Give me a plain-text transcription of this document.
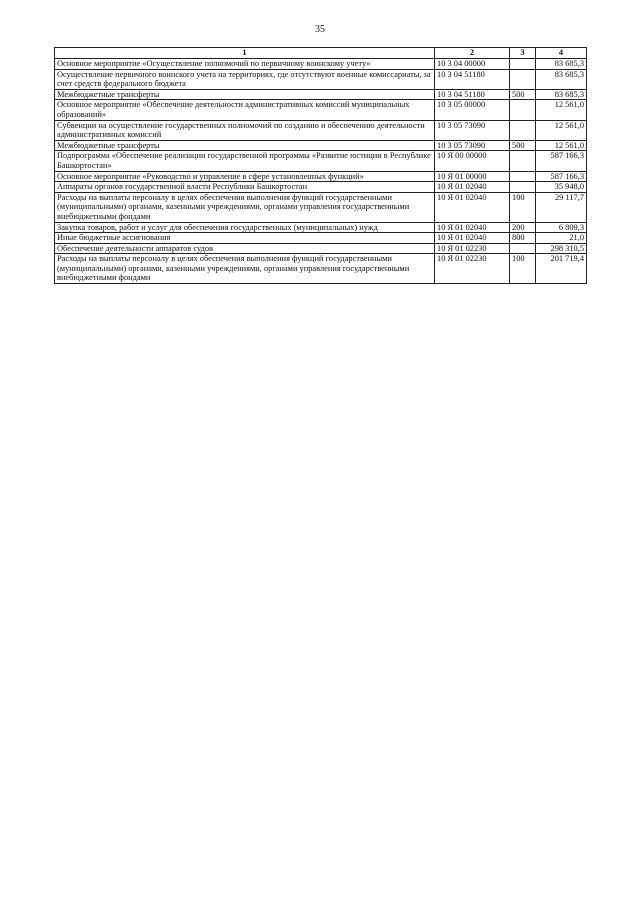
35
1	2	3	4
Основное мероприятие «Осуществление полномочий по первичному воинскому учету»	10 3 04 00000		83 685,3
Осуществление первичного воинского учета на территориях, где отсутствуют военные комиссариаты, за счет средств федерального бюджета	10 3 04 51180		83 685,3
Межбюджетные трансферты	10 3 04 51180	500	83 685,3
Основное мероприятие «Обеспечение деятельности административных комиссий муниципальных образований»	10 3 05 00000		12 561,0
Субвенции на осуществление государственных полномочий по созданию и обеспечению деятельности административных комиссий	10 3 05 73090		12 561,0
Межбюджетные трансферты	10 3 05 73090	500	12 561,0
Подпрограмма «Обеспечение реализации государственной программы «Развитие юстиции в Республике Башкортостан»	10 Я 00 00000		587 166,3
Основное мероприятие «Руководство и управление в сфере установленных функций»	10 Я 01 00000		587 166,3
Аппараты органов государственной власти Республики Башкортостан	10 Я 01 02040		35 948,0
Расходы на выплаты персоналу в целях обеспечения выполнения функций государственными (муниципальными) органами, казенными учреждениями, органами управления государственными внебюджетными фондами	10 Я 01 02040	100	29 117,7
Закупка товаров, работ и услуг для обеспечения государственных (муниципальных) нужд	10 Я 01 02040	200	6 809,3
Иные бюджетные ассигнования	10 Я 01 02040	800	21,0
Обеспечение деятельности аппаратов судов	10 Я 01 02230		298 310,5
Расходы на выплаты персоналу в целях обеспечения выполнения функций государственными (муниципальными) органами, казенными учреждениями, органами управления государственными внебюджетными фондами	10 Я 01 02230	100	201 719,4
